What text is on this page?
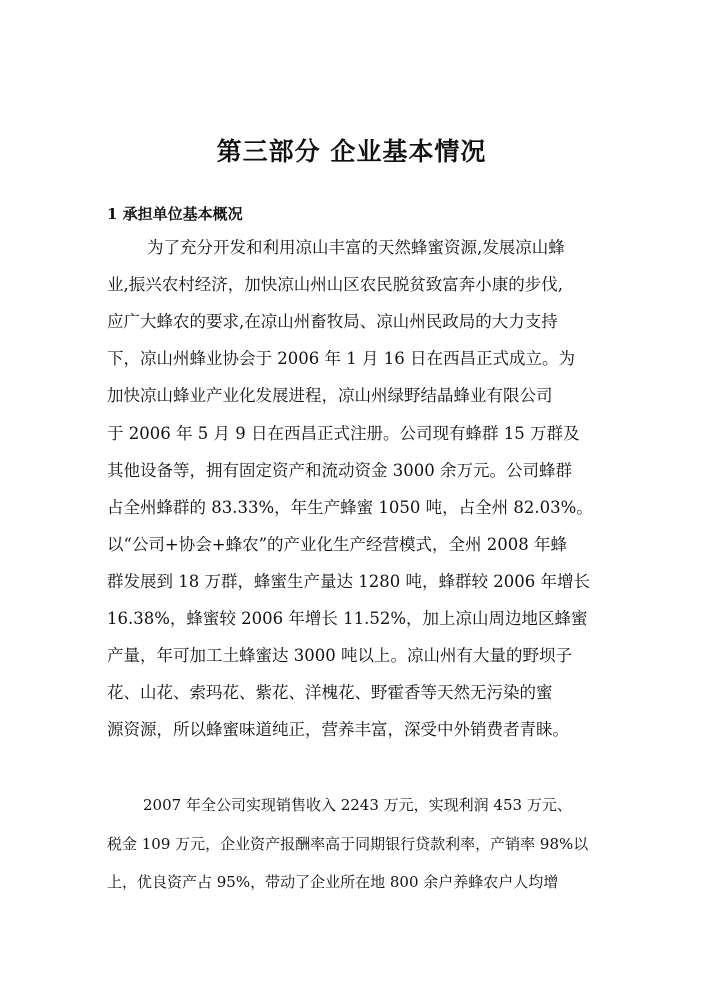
第三部分 企业基本情况
1 承担单位基本概况
为了充分开发和利用凉山丰富的天然蜂蜜资源,发展凉山蜂
业,振兴农村经济，加快凉山州山区农民脱贫致富奔小康的步伐,
应广大蜂农的要求,在凉山州畜牧局、凉山州民政局的大力支持
下，凉山州蜂业协会于 2006 年 1 月 16 日在西昌正式成立。为
加快凉山蜂业产业化发展进程，凉山州绿野结晶蜂业有限公司
于 2006 年 5 月 9 日在西昌正式注册。公司现有蜂群 15 万群及
其他设备等，拥有固定资产和流动资金 3000 余万元。公司蜂群
占全州蜂群的 83.33%，年生产蜂蜜 1050 吨，占全州 82.03%。
以“公司+协会+蜂农”的产业化生产经营模式，全州 2008 年蜂
群发展到 18 万群，蜂蜜生产量达 1280 吨，蜂群较 2006 年增长
16.38%，蜂蜜较 2006 年增长 11.52%，加上凉山周边地区蜂蜜
产量，年可加工土蜂蜜达 3000 吨以上。凉山州有大量的野坝子
花、山花、索玛花、紫花、洋槐花、野霍香等天然无污染的蜜
源资源，所以蜂蜜味道纯正，营养丰富，深受中外销费者青睐。
2007 年全公司实现销售收入 2243 万元，实现利润 453 万元、
税金 109 万元，企业资产报酬率高于同期银行贷款利率，产销率 98%以
上，优良资产占 95%，带动了企业所在地 800 余户养蜂农户人均增
